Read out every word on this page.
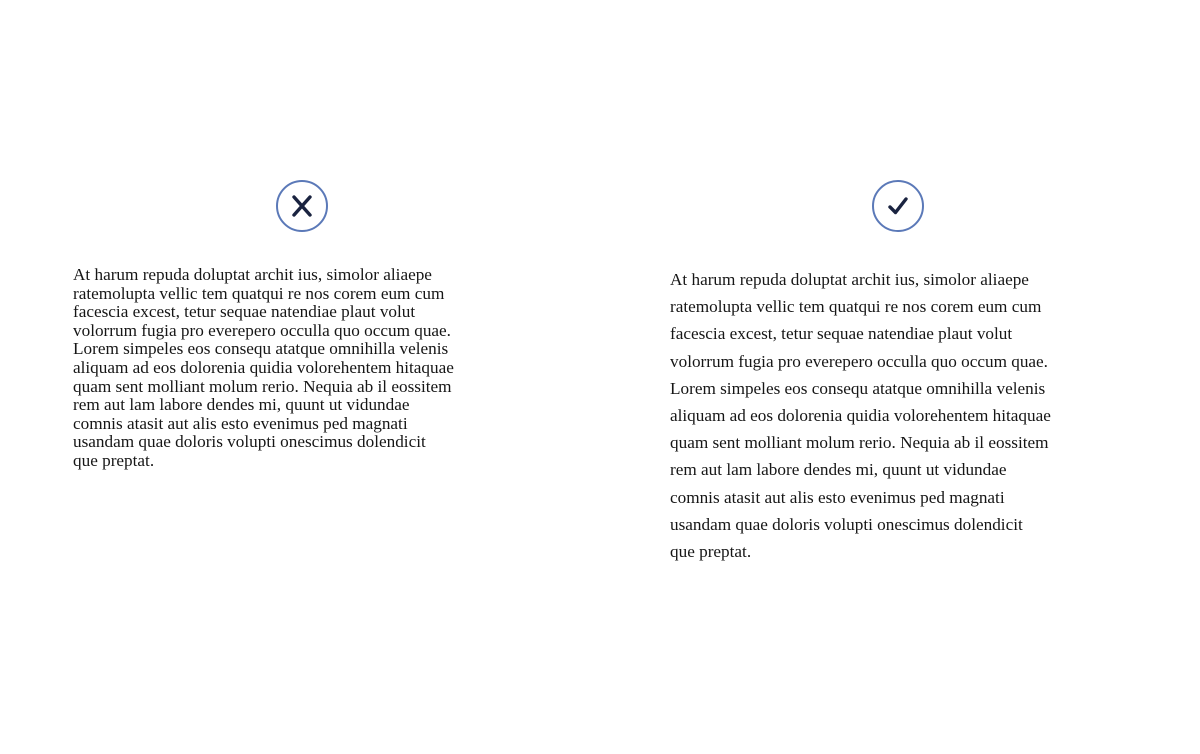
At harum repuda doluptat archit ius, simolor aliaepe
ratemolupta vellic tem quatqui re nos corem eum cum
facescia excest, tetur sequae natendiae plaut volut
volorrum fugia pro everepero occulla quo occum quae.
Lorem simpeles eos consequ atatque omnihilla velenis
aliquam ad eos dolorenia quidia volorehentem hitaquae
quam sent molliant molum rerio. Nequia ab il eossitem
rem aut lam labore dendes mi, quunt ut vidundae
comnis atasit aut alis esto evenimus ped magnati
usandam quae doloris volupti onescimus dolendicit
que preptat.

At harum repuda doluptat archit ius, simolor aliaepe
ratemolupta vellic tem quatqui re nos corem eum cum
facescia excest, tetur sequae natendiae plaut volut
volorrum fugia pro everepero occulla quo occum quae.
Lorem simpeles eos consequ atatque omnihilla velenis
aliquam ad eos dolorenia quidia volorehentem hitaquae
quam sent molliant molum rerio. Nequia ab il eossitem
rem aut lam labore dendes mi, quunt ut vidundae
comnis atasit aut alis esto evenimus ped magnati
usandam quae doloris volupti onescimus dolendicit
que preptat.
